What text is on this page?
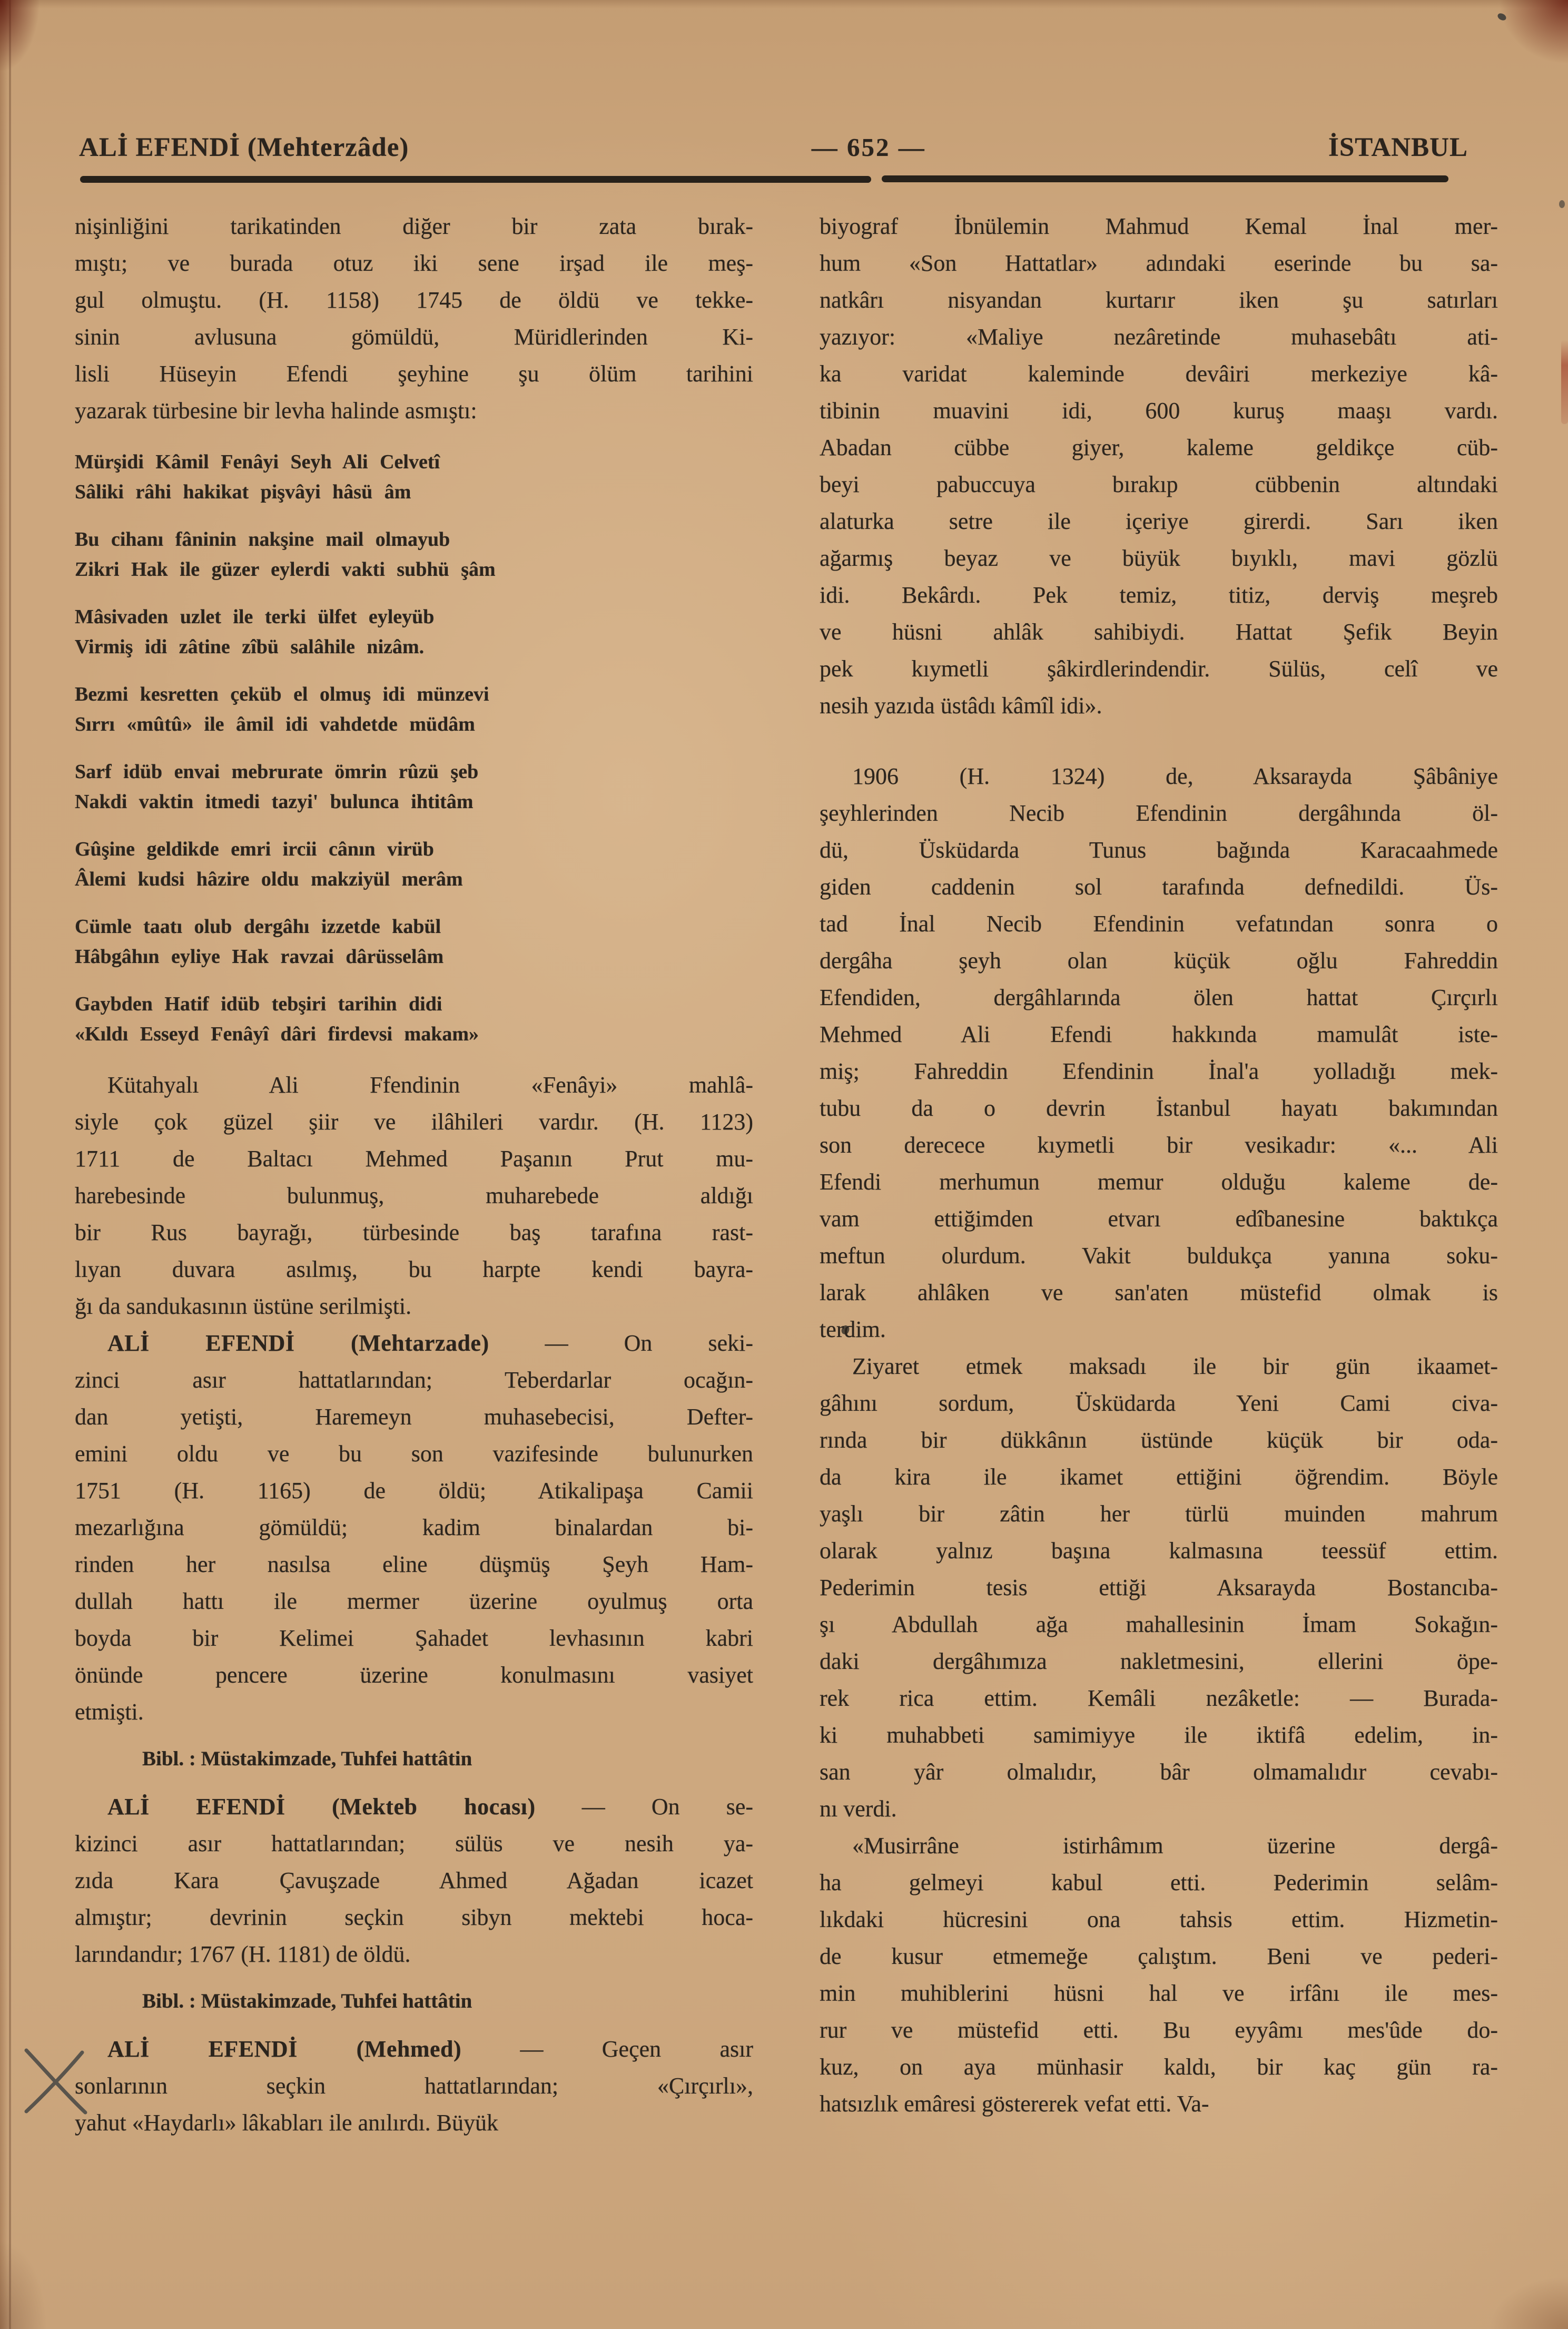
ALİ EFENDİ (Mehterzâde)	— 652 —	İSTANBUL
nişinliğini tarikatinden diğer bir zata bırak-
mıştı; ve burada otuz iki sene irşad ile meş-
gul olmuştu. (H. 1158) 1745 de öldü ve tekke-
sinin avlusuna gömüldü, Müridlerinden Ki-
lisli Hüseyin Efendi şeyhine şu ölüm tarihini
yazarak türbesine bir levha halinde asmıştı:
Mürşidi Kâmil Fenâyi Seyh Ali Celvetî
Sâliki râhi hakikat pişvâyi hâsü âm
Bu cihanı fâninin nakşine mail olmayub
Zikri Hak ile güzer eylerdi vakti subhü şâm
Mâsivaden uzlet ile terki ülfet eyleyüb
Virmiş idi zâtine zîbü salâhile nizâm.
Bezmi kesretten çeküb el olmuş idi münzevi
Sırrı «mûtû» ile âmil idi vahdetde müdâm
Sarf idüb envai mebrurate ömrin rûzü şeb
Nakdi vaktin itmedi tazyi' bulunca ihtitâm
Gûşine geldikde emri ircii cânın virüb
Âlemi kudsi hâzire oldu makziyül merâm
Cümle taatı olub dergâhı izzetde kabül
Hâbgâhın eyliye Hak ravzai dârüsselâm
Gaybden Hatif idüb tebşiri tarihin didi
«Kıldı Esseyd Fenâyî dâri firdevsi makam»
Kütahyalı Ali Ffendinin «Fenâyi» mahlâ-
siyle çok güzel şiir ve ilâhileri vardır. (H. 1123)
1711 de Baltacı Mehmed Paşanın Prut mu-
harebesinde bulunmuş, muharebede aldığı
bir Rus bayrağı, türbesinde baş tarafına rast-
lıyan duvara asılmış, bu harpte kendi bayra-
ğı da sandukasının üstüne serilmişti.
ALİ EFENDİ (Mehtarzade) — On seki-
zinci asır hattatlarından; Teberdarlar ocağın-
dan yetişti, Haremeyn muhasebecisi, Defter-
emini oldu ve bu son vazifesinde bulunurken
1751 (H. 1165) de öldü; Atikalipaşa Camii
mezarlığına gömüldü; kadim binalardan bi-
rinden her nasılsa eline düşmüş Şeyh Ham-
dullah hattı ile mermer üzerine oyulmuş orta
boyda bir Kelimei Şahadet levhasının kabri
önünde pencere üzerine konulmasını vasiyet
etmişti.
Bibl. : Müstakimzade, Tuhfei hattâtin
ALİ EFENDİ (Mekteb hocası) — On se-
kizinci asır hattatlarından; sülüs ve nesih ya-
zıda Kara Çavuşzade Ahmed Ağadan icazet
almıştır; devrinin seçkin sibyn mektebi hoca-
larındandır; 1767 (H. 1181) de öldü.
Bibl. : Müstakimzade, Tuhfei hattâtin
ALİ EFENDİ (Mehmed) — Geçen asır
sonlarının seçkin hattatlarından; «Çırçırlı»,
yahut «Haydarlı» lâkabları ile anılırdı. Büyük
biyograf İbnülemin Mahmud Kemal İnal mer-
hum «Son Hattatlar» adındaki eserinde bu sa-
natkârı nisyandan kurtarır iken şu satırları
yazıyor: «Maliye nezâretinde muhasebâtı ati-
ka varidat kaleminde devâiri merkeziye kâ-
tibinin muavini idi, 600 kuruş maaşı vardı.
Abadan cübbe giyer, kaleme geldikçe cüb-
beyi pabuccuya bırakıp cübbenin altındaki
alaturka setre ile içeriye girerdi. Sarı iken
ağarmış beyaz ve büyük bıyıklı, mavi gözlü
idi. Bekârdı. Pek temiz, titiz, derviş meşreb
ve hüsni ahlâk sahibiydi. Hattat Şefik Beyin
pek kıymetli şâkirdlerindendir. Sülüs, celî ve
nesih yazıda üstâdı kâmîl idi».
1906 (H. 1324) de, Aksarayda Şâbâniye
şeyhlerinden Necib Efendinin dergâhında öl-
dü, Üsküdarda Tunus bağında Karacaahmede
giden caddenin sol tarafında defnedildi. Üs-
tad İnal Necib Efendinin vefatından sonra o
dergâha şeyh olan küçük oğlu Fahreddin
Efendiden, dergâhlarında ölen hattat Çırçırlı
Mehmed Ali Efendi hakkında mamulât iste-
miş; Fahreddin Efendinin İnal'a yolladığı mek-
tubu da o devrin İstanbul hayatı bakımından
son derecece kıymetli bir vesikadır: «... Ali
Efendi merhumun memur olduğu kaleme de-
vam ettiğimden etvarı edîbanesine baktıkça
meftun olurdum. Vakit buldukça yanına soku-
larak ahlâken ve san'aten müstefid olmak is
terdim.
Ziyaret etmek maksadı ile bir gün ikaamet-
gâhını sordum, Üsküdarda Yeni Cami civa-
rında bir dükkânın üstünde küçük bir oda-
da kira ile ikamet ettiğini öğrendim. Böyle
yaşlı bir zâtin her türlü muinden mahrum
olarak yalnız başına kalmasına teessüf ettim.
Pederimin tesis ettiği Aksarayda Bostancıba-
şı Abdullah ağa mahallesinin İmam Sokağın-
daki dergâhımıza nakletmesini, ellerini öpe-
rek rica ettim. Kemâli nezâketle: — Burada-
ki muhabbeti samimiyye ile iktifâ edelim, in-
san yâr olmalıdır, bâr olmamalıdır cevabı-
nı verdi.
«Musirrâne istirhâmım üzerine dergâ-
ha gelmeyi kabul etti. Pederimin selâm-
lıkdaki hücresini ona tahsis ettim. Hizmetin-
de kusur etmemeğe çalıştım. Beni ve pederi-
min muhiblerini hüsni hal ve irfânı ile mes-
rur ve müstefid etti. Bu eyyâmı mes'ûde do-
kuz, on aya münhasir kaldı, bir kaç gün ra-
hatsızlık emâresi göstererek vefat etti. Va-
